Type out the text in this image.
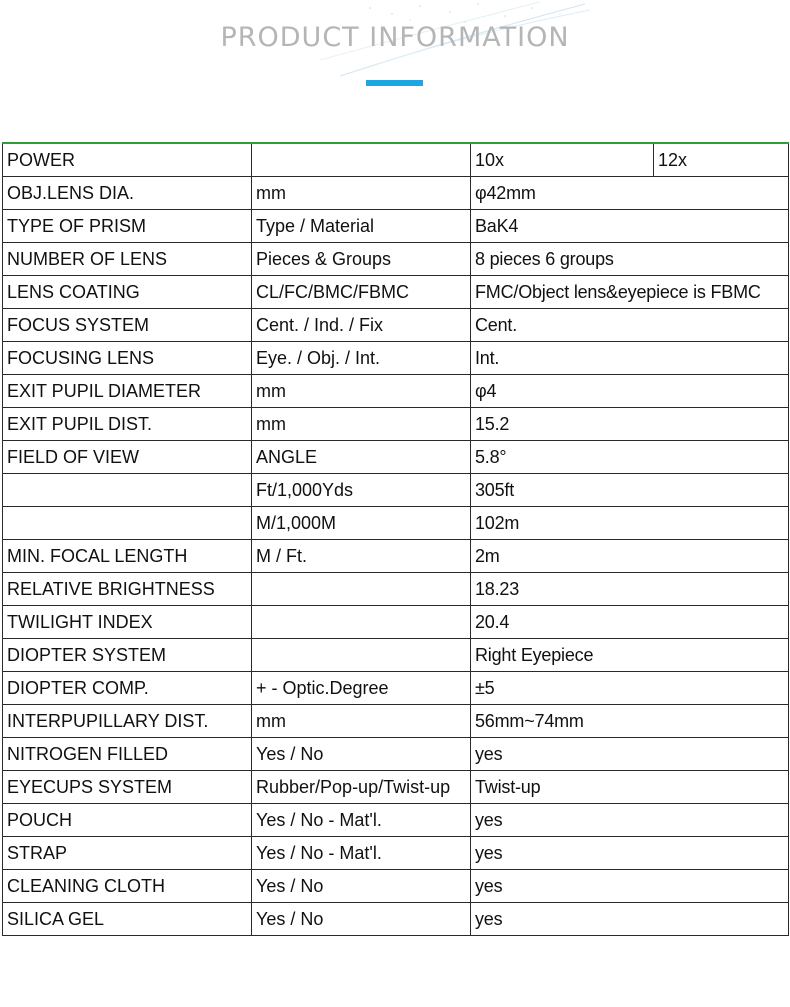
PRODUCT INFORMATION
POWER		10x	12x
OBJ.LENS DIA.	mm	φ42mm	
TYPE OF PRISM	Type / Material	BaK4	
NUMBER OF LENS	Pieces & Groups	8 pieces 6 groups	
LENS COATING	CL/FC/BMC/FBMC	FMC/Object lens&eyepiece is FBMC	
FOCUS SYSTEM	Cent. / Ind. / Fix	Cent.	
FOCUSING LENS	Eye. / Obj. / Int.	Int.	
EXIT PUPIL DIAMETER	mm	φ4	
EXIT PUPIL DIST.	mm	15.2	
FIELD OF VIEW	ANGLE	5.8°	
	Ft/1,000Yds	305ft	
	M/1,000M	102m	
MIN. FOCAL LENGTH	M / Ft.	2m	
RELATIVE BRIGHTNESS		18.23	
TWILIGHT INDEX		20.4	
DIOPTER SYSTEM		Right Eyepiece	
DIOPTER COMP.	+ - Optic.Degree	±5	
INTERPUPILLARY DIST.	mm	56mm~74mm	
NITROGEN FILLED	Yes / No	yes	
EYECUPS SYSTEM	Rubber/Pop-up/Twist-up	Twist-up	
POUCH	Yes / No - Mat'l.	yes	
STRAP	Yes / No - Mat'l.	yes	
CLEANING CLOTH	Yes / No	yes	
SILICA GEL	Yes / No	yes	
